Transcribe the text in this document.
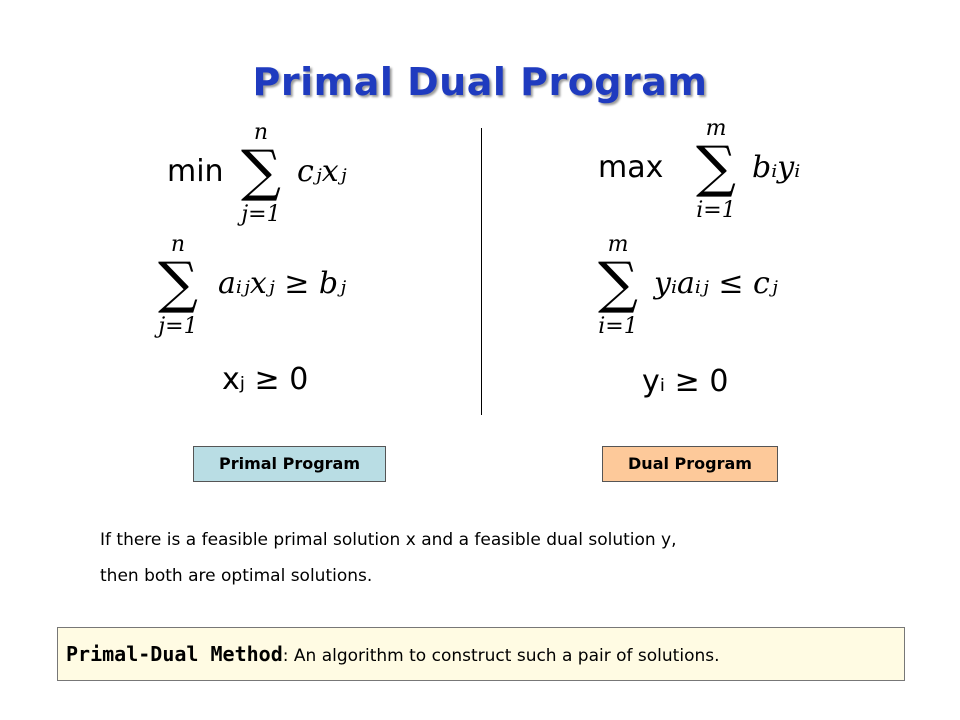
Primal Dual Program
min
n
∑
j=1
cⱼxⱼ
n
∑
j=1
aᵢⱼxⱼ ≥ bⱼ
xⱼ ≥ 0
max
m
∑
i=1
bᵢyᵢ
m
∑
i=1
yᵢaᵢⱼ ≤ cⱼ
yᵢ ≥ 0
Primal Program	Dual Program
If there is a feasible primal solution x and a feasible dual solution y,
then both are optimal solutions.
Primal-Dual Method: An algorithm to construct such a pair of solutions.
